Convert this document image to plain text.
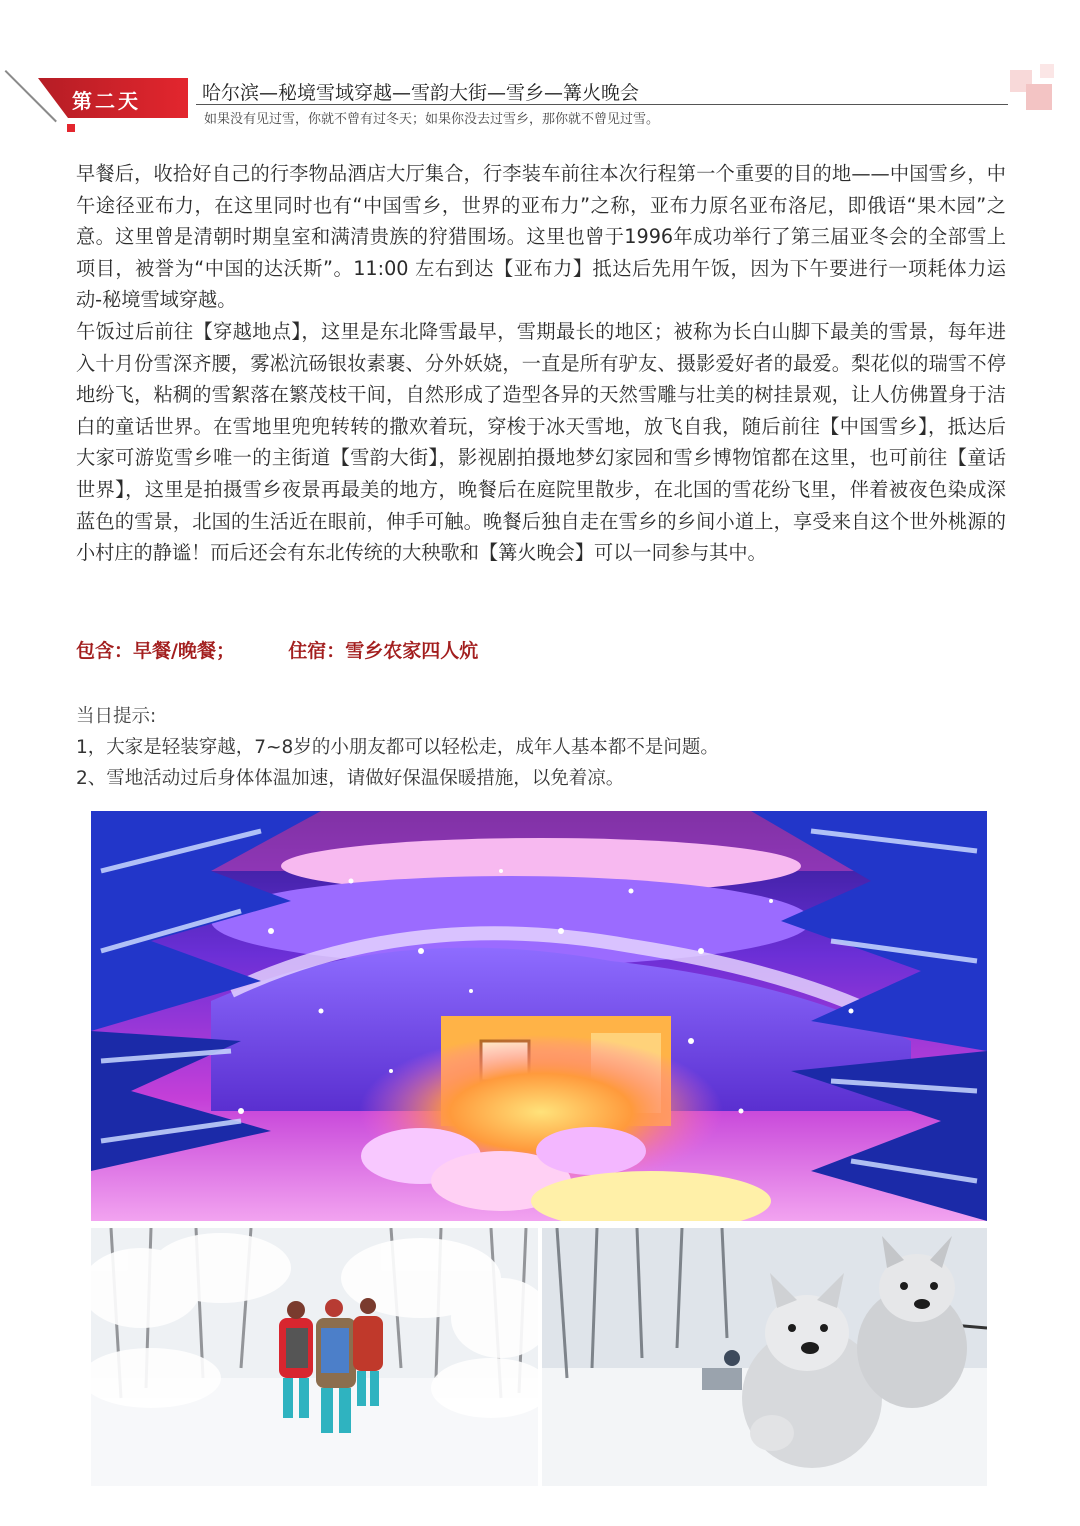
第二天	哈尔滨—秘境雪域穿越—雪韵大街—雪乡—篝火晚会
如果没有见过雪，你就不曾有过冬天；如果你没去过雪乡，那你就不曾见过雪。

早餐后，收拾好自己的行李物品酒店大厅集合，行李装车前往本次行程第一个重要的目的地——中国雪乡，中午途径亚布力，在这里同时也有“中国雪乡，世界的亚布力”之称，亚布力原名亚布洛尼，即俄语“果木园”之意。这里曾是清朝时期皇室和满清贵族的狩猎围场。这里也曾于1996年成功举行了第三届亚冬会的全部雪上项目，被誉为“中国的达沃斯”。11:00 左右到达【亚布力】抵达后先用午饭，因为下午要进行一项耗体力运动-秘境雪域穿越。

午饭过后前往【穿越地点】，这里是东北降雪最早，雪期最长的地区；被称为长白山脚下最美的雪景，每年进入十月份雪深齐腰，雾凇沆砀银妆素裹、分外妖娆，一直是所有驴友、摄影爱好者的最爱。梨花似的瑞雪不停地纷飞，粘稠的雪絮落在繁茂枝干间，自然形成了造型各异的天然雪雕与壮美的树挂景观，让人仿佛置身于洁白的童话世界。在雪地里兜兜转转的撒欢着玩，穿梭于冰天雪地，放飞自我，随后前往【中国雪乡】，抵达后大家可游览雪乡唯一的主街道【雪韵大街】，影视剧拍摄地梦幻家园和雪乡博物馆都在这里，也可前往【童话世界】，这里是拍摄雪乡夜景再最美的地方，晚餐后在庭院里散步，在北国的雪花纷飞里，伴着被夜色染成深蓝色的雪景，北国的生活近在眼前，伸手可触。晚餐后独自走在雪乡的乡间小道上，享受来自这个世外桃源的小村庄的静谧！而后还会有东北传统的大秧歌和【篝火晚会】可以一同参与其中。

包含：早餐/晚餐；	住宿：雪乡农家四人炕
当日提示:
1，大家是轻装穿越，7~8岁的小朋友都可以轻松走，成年人基本都不是问题。
2、雪地活动过后身体体温加速，请做好保温保暖措施，以免着凉。
